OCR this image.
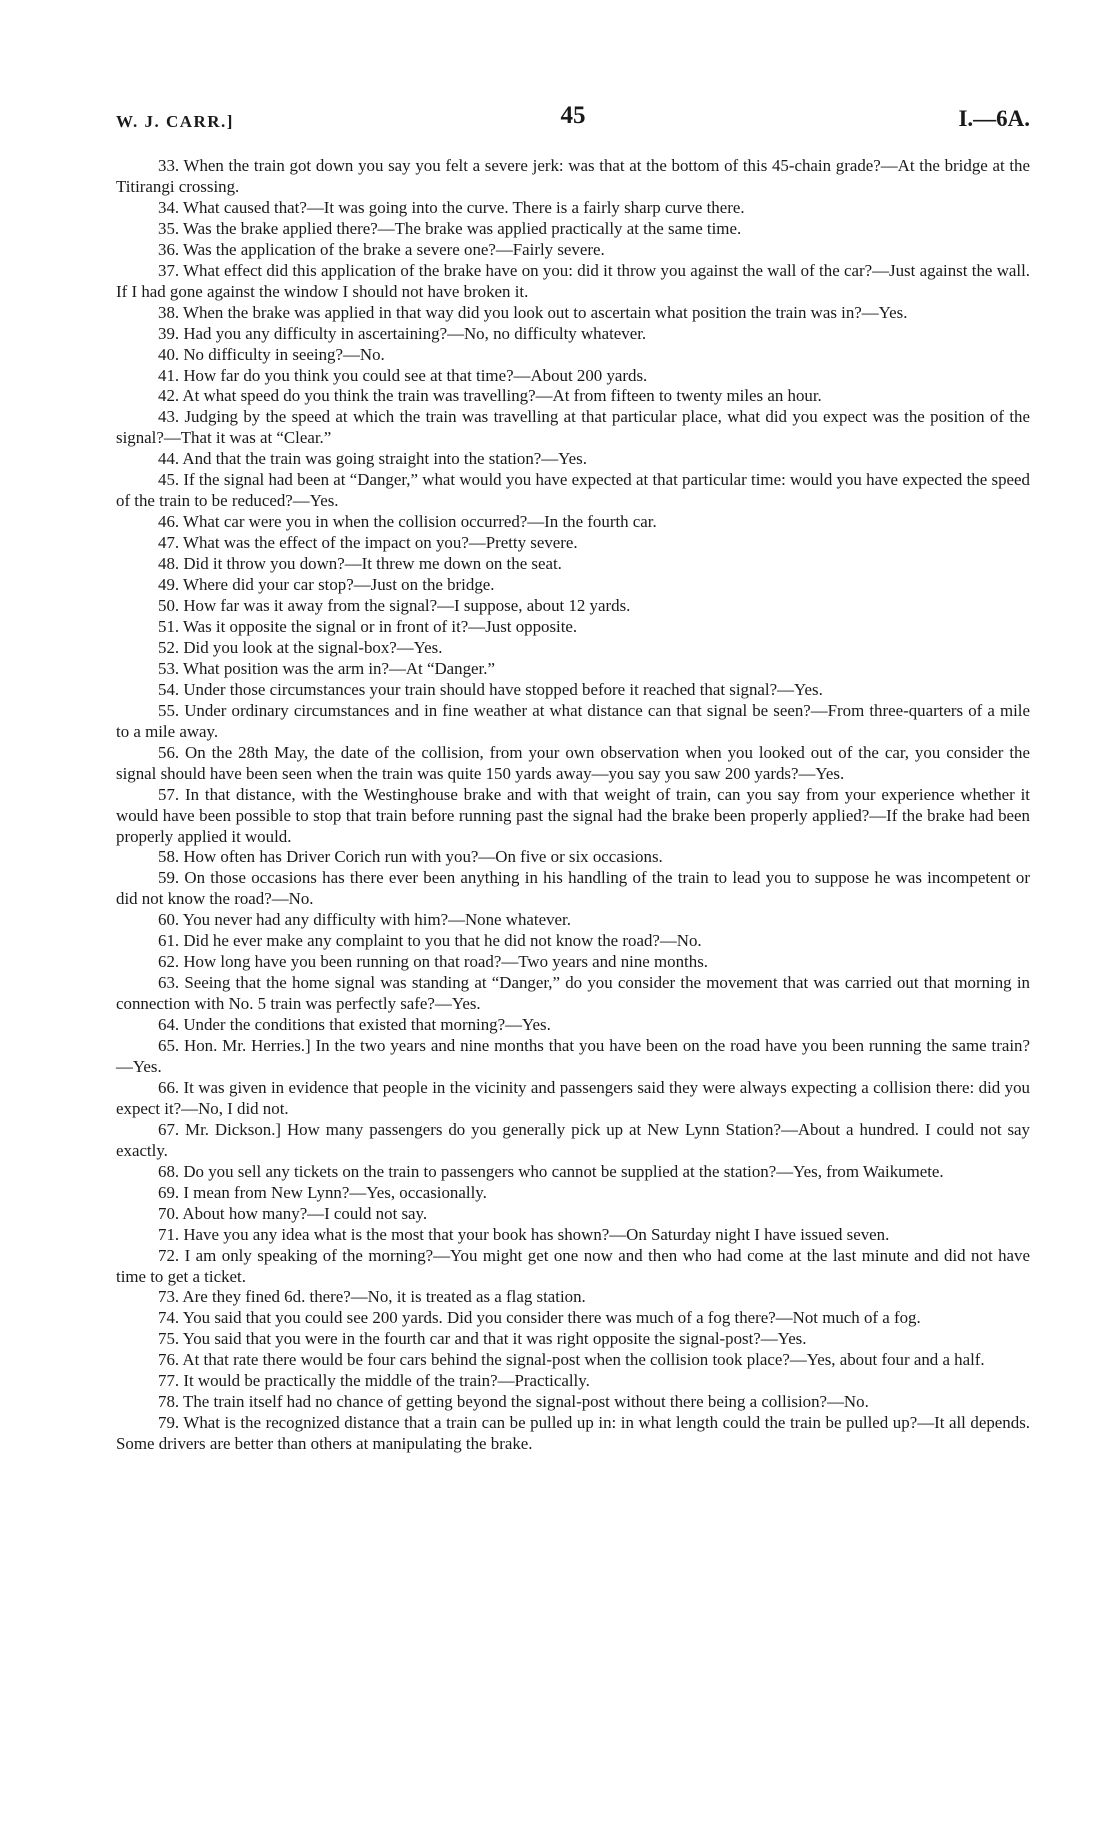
W. J. CARR.]	45	I.—6A.

33. When the train got down you say you felt a severe jerk: was that at the bottom of this 45-chain grade?—At the bridge at the Titirangi crossing.

34. What caused that?—It was going into the curve. There is a fairly sharp curve there.

35. Was the brake applied there?—The brake was applied practically at the same time.

36. Was the application of the brake a severe one?—Fairly severe.

37. What effect did this application of the brake have on you: did it throw you against the wall of the car?—Just against the wall. If I had gone against the window I should not have broken it.

38. When the brake was applied in that way did you look out to ascertain what position the train was in?—Yes.

39. Had you any difficulty in ascertaining?—No, no difficulty whatever.

40. No difficulty in seeing?—No.

41. How far do you think you could see at that time?—About 200 yards.

42. At what speed do you think the train was travelling?—At from fifteen to twenty miles an hour.

43. Judging by the speed at which the train was travelling at that particular place, what did you expect was the position of the signal?—That it was at “Clear.”

44. And that the train was going straight into the station?—Yes.

45. If the signal had been at “Danger,” what would you have expected at that particular time: would you have expected the speed of the train to be reduced?—Yes.

46. What car were you in when the collision occurred?—In the fourth car.

47. What was the effect of the impact on you?—Pretty severe.

48. Did it throw you down?—It threw me down on the seat.

49. Where did your car stop?—Just on the bridge.

50. How far was it away from the signal?—I suppose, about 12 yards.

51. Was it opposite the signal or in front of it?—Just opposite.

52. Did you look at the signal-box?—Yes.

53. What position was the arm in?—At “Danger.”

54. Under those circumstances your train should have stopped before it reached that signal?—Yes.

55. Under ordinary circumstances and in fine weather at what distance can that signal be seen?—From three-quarters of a mile to a mile away.

56. On the 28th May, the date of the collision, from your own observation when you looked out of the car, you consider the signal should have been seen when the train was quite 150 yards away—you say you saw 200 yards?—Yes.

57. In that distance, with the Westinghouse brake and with that weight of train, can you say from your experience whether it would have been possible to stop that train before running past the signal had the brake been properly applied?—If the brake had been properly applied it would.

58. How often has Driver Corich run with you?—On five or six occasions.

59. On those occasions has there ever been anything in his handling of the train to lead you to suppose he was incompetent or did not know the road?—No.

60. You never had any difficulty with him?—None whatever.

61. Did he ever make any complaint to you that he did not know the road?—No.

62. How long have you been running on that road?—Two years and nine months.

63. Seeing that the home signal was standing at “Danger,” do you consider the movement that was carried out that morning in connection with No. 5 train was perfectly safe?—Yes.

64. Under the conditions that existed that morning?—Yes.

65. Hon. Mr. Herries.] In the two years and nine months that you have been on the road have you been running the same train?—Yes.

66. It was given in evidence that people in the vicinity and passengers said they were always expecting a collision there: did you expect it?—No, I did not.

67. Mr. Dickson.] How many passengers do you generally pick up at New Lynn Station?—About a hundred. I could not say exactly.

68. Do you sell any tickets on the train to passengers who cannot be supplied at the station?—Yes, from Waikumete.

69. I mean from New Lynn?—Yes, occasionally.

70. About how many?—I could not say.

71. Have you any idea what is the most that your book has shown?—On Saturday night I have issued seven.

72. I am only speaking of the morning?—You might get one now and then who had come at the last minute and did not have time to get a ticket.

73. Are they fined 6d. there?—No, it is treated as a flag station.

74. You said that you could see 200 yards. Did you consider there was much of a fog there?—Not much of a fog.

75. You said that you were in the fourth car and that it was right opposite the signal-post?—Yes.

76. At that rate there would be four cars behind the signal-post when the collision took place?—Yes, about four and a half.

77. It would be practically the middle of the train?—Practically.

78. The train itself had no chance of getting beyond the signal-post without there being a collision?—No.

79. What is the recognized distance that a train can be pulled up in: in what length could the train be pulled up?—It all depends. Some drivers are better than others at manipulating the brake.
